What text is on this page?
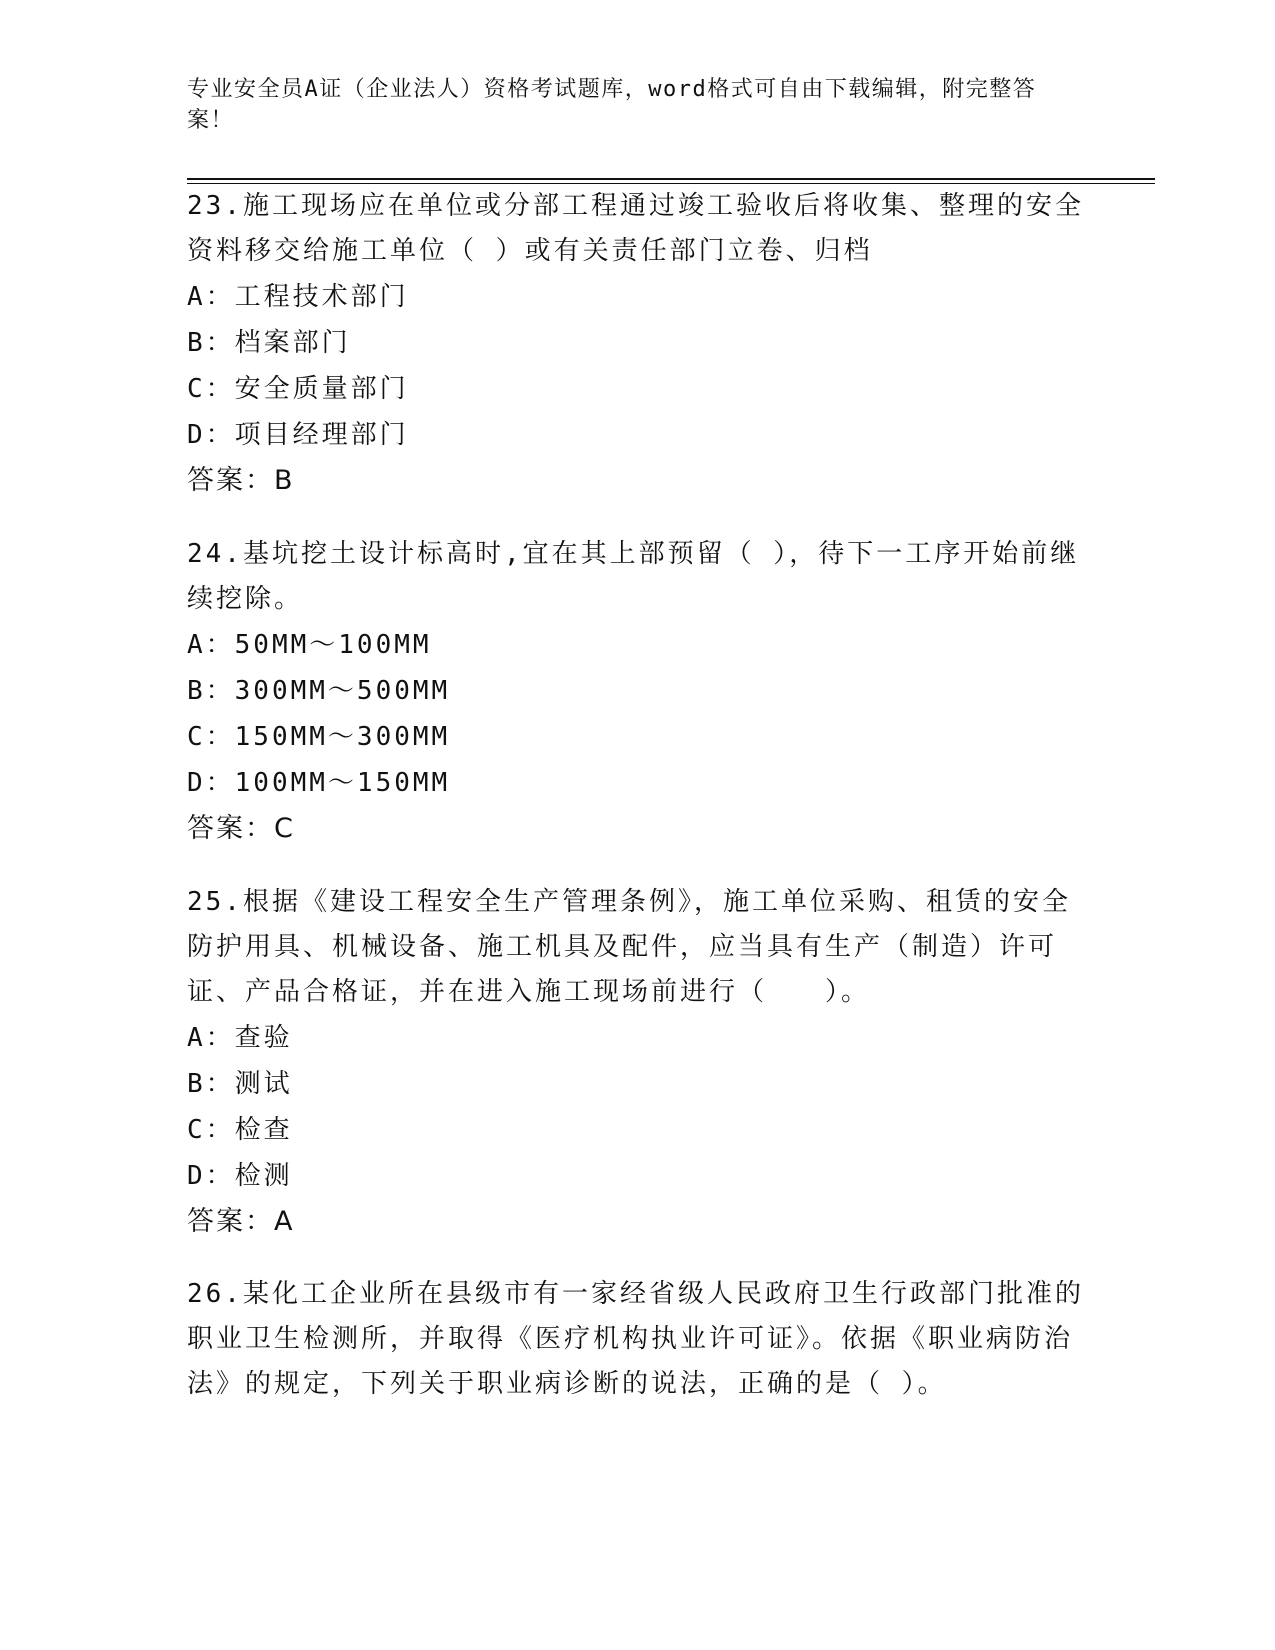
专业安全员A证（企业法人）资格考试题库，word格式可自由下载编辑，附完整答案！

23.施工现场应在单位或分部工程通过竣工验收后将收集、整理的安全资料移交给施工单位（ ）或有关责任部门立卷、归档

A：工程技术部门

B：档案部门

C：安全质量部门

D：项目经理部门

答案：B

24.基坑挖土设计标高时,宜在其上部预留（ ），待下一工序开始前继续挖除。

A：50MM～100MM

B：300MM～500MM

C：150MM～300MM

D：100MM～150MM

答案：C

25.根据《建设工程安全生产管理条例》，施工单位采购、租赁的安全防护用具、机械设备、施工机具及配件，应当具有生产（制造）许可证、产品合格证，并在进入施工现场前进行（　　）。

A：查验

B：测试

C：检查

D：检测

答案：A

26.某化工企业所在县级市有一家经省级人民政府卫生行政部门批准的职业卫生检测所，并取得《医疗机构执业许可证》。依据《职业病防治法》的规定，下列关于职业病诊断的说法，正确的是（ ）。
